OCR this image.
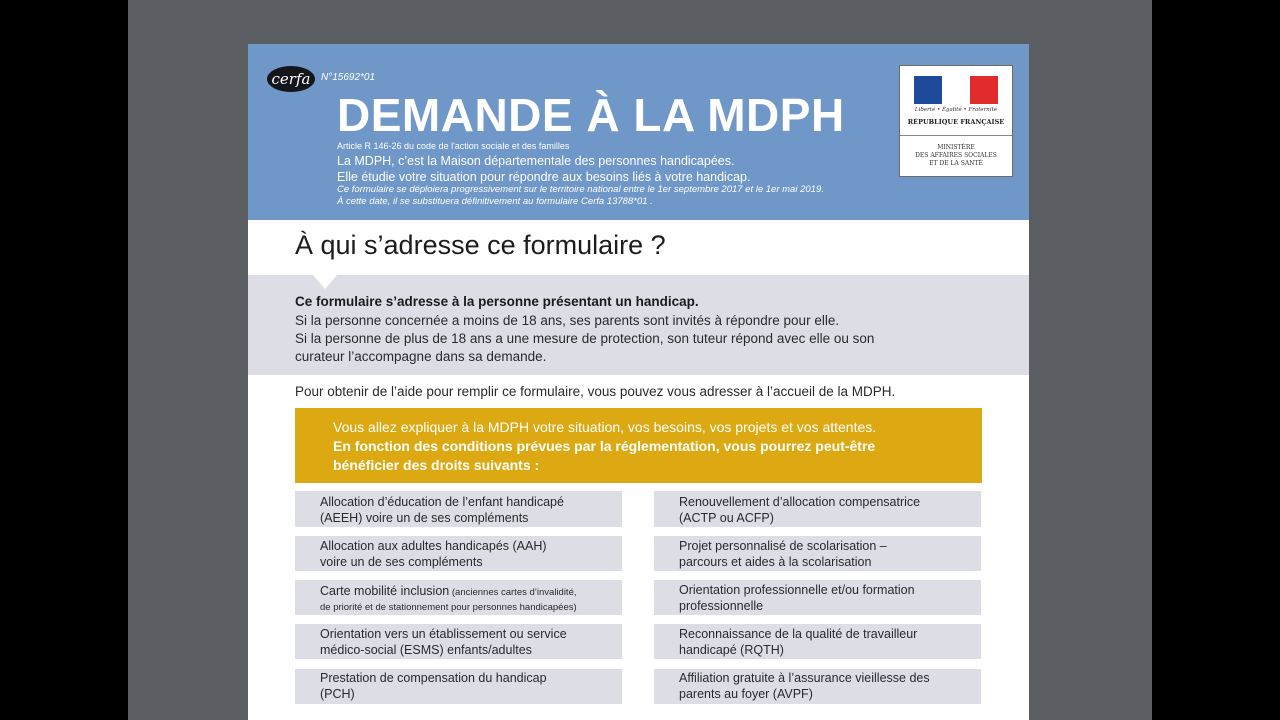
cerfa	N°15692*01
DEMANDE À LA MDPH
Article R 146-26 du code de l'action sociale et des familles
La MDPH, c’est la Maison départementale des personnes handicapées.
Elle étudie votre situation pour répondre aux besoins liés à votre handicap.
Ce formulaire se déploiera progressivement sur le territoire national entre le 1er septembre 2017 et le 1er mai 2019.
À cette date, il se substituera définitivement au formulaire Cerfa 13788*01 .
Liberté • Égalité • Fraternité
RÉPUBLIQUE FRANÇAISE
MINISTÈRE
DES AFFAIRES SOCIALES
ET DE LA SANTÉ
À qui s’adresse ce formulaire ?
Ce formulaire s’adresse à la personne présentant un handicap.
Si la personne concernée a moins de 18 ans, ses parents sont invités à répondre pour elle.
Si la personne de plus de 18 ans a une mesure de protection, son tuteur répond avec elle ou son
curateur l’accompagne dans sa demande.
Pour obtenir de l’aide pour remplir ce formulaire, vous pouvez vous adresser à l’accueil de la MDPH.
Vous allez expliquer à la MDPH votre situation, vos besoins, vos projets et vos attentes.
En fonction des conditions prévues par la réglementation, vous pourrez peut-être
bénéficier des droits suivants :
Allocation d’éducation de l’enfant handicapé
(AEEH) voire un de ses compléments
Allocation aux adultes handicapés (AAH)
voire un de ses compléments
Carte mobilité inclusion (anciennes cartes d’invalidité,
de priorité et de stationnement pour personnes handicapées)
Orientation vers un établissement ou service
médico-social (ESMS) enfants/adultes
Prestation de compensation du handicap
(PCH)
Renouvellement d’allocation compensatrice
(ACTP ou ACFP)
Projet personnalisé de scolarisation –
parcours et aides à la scolarisation
Orientation professionnelle et/ou formation
professionnelle
Reconnaissance de la qualité de travailleur
handicapé (RQTH)
Affiliation gratuite à l’assurance vieillesse des
parents au foyer (AVPF)
